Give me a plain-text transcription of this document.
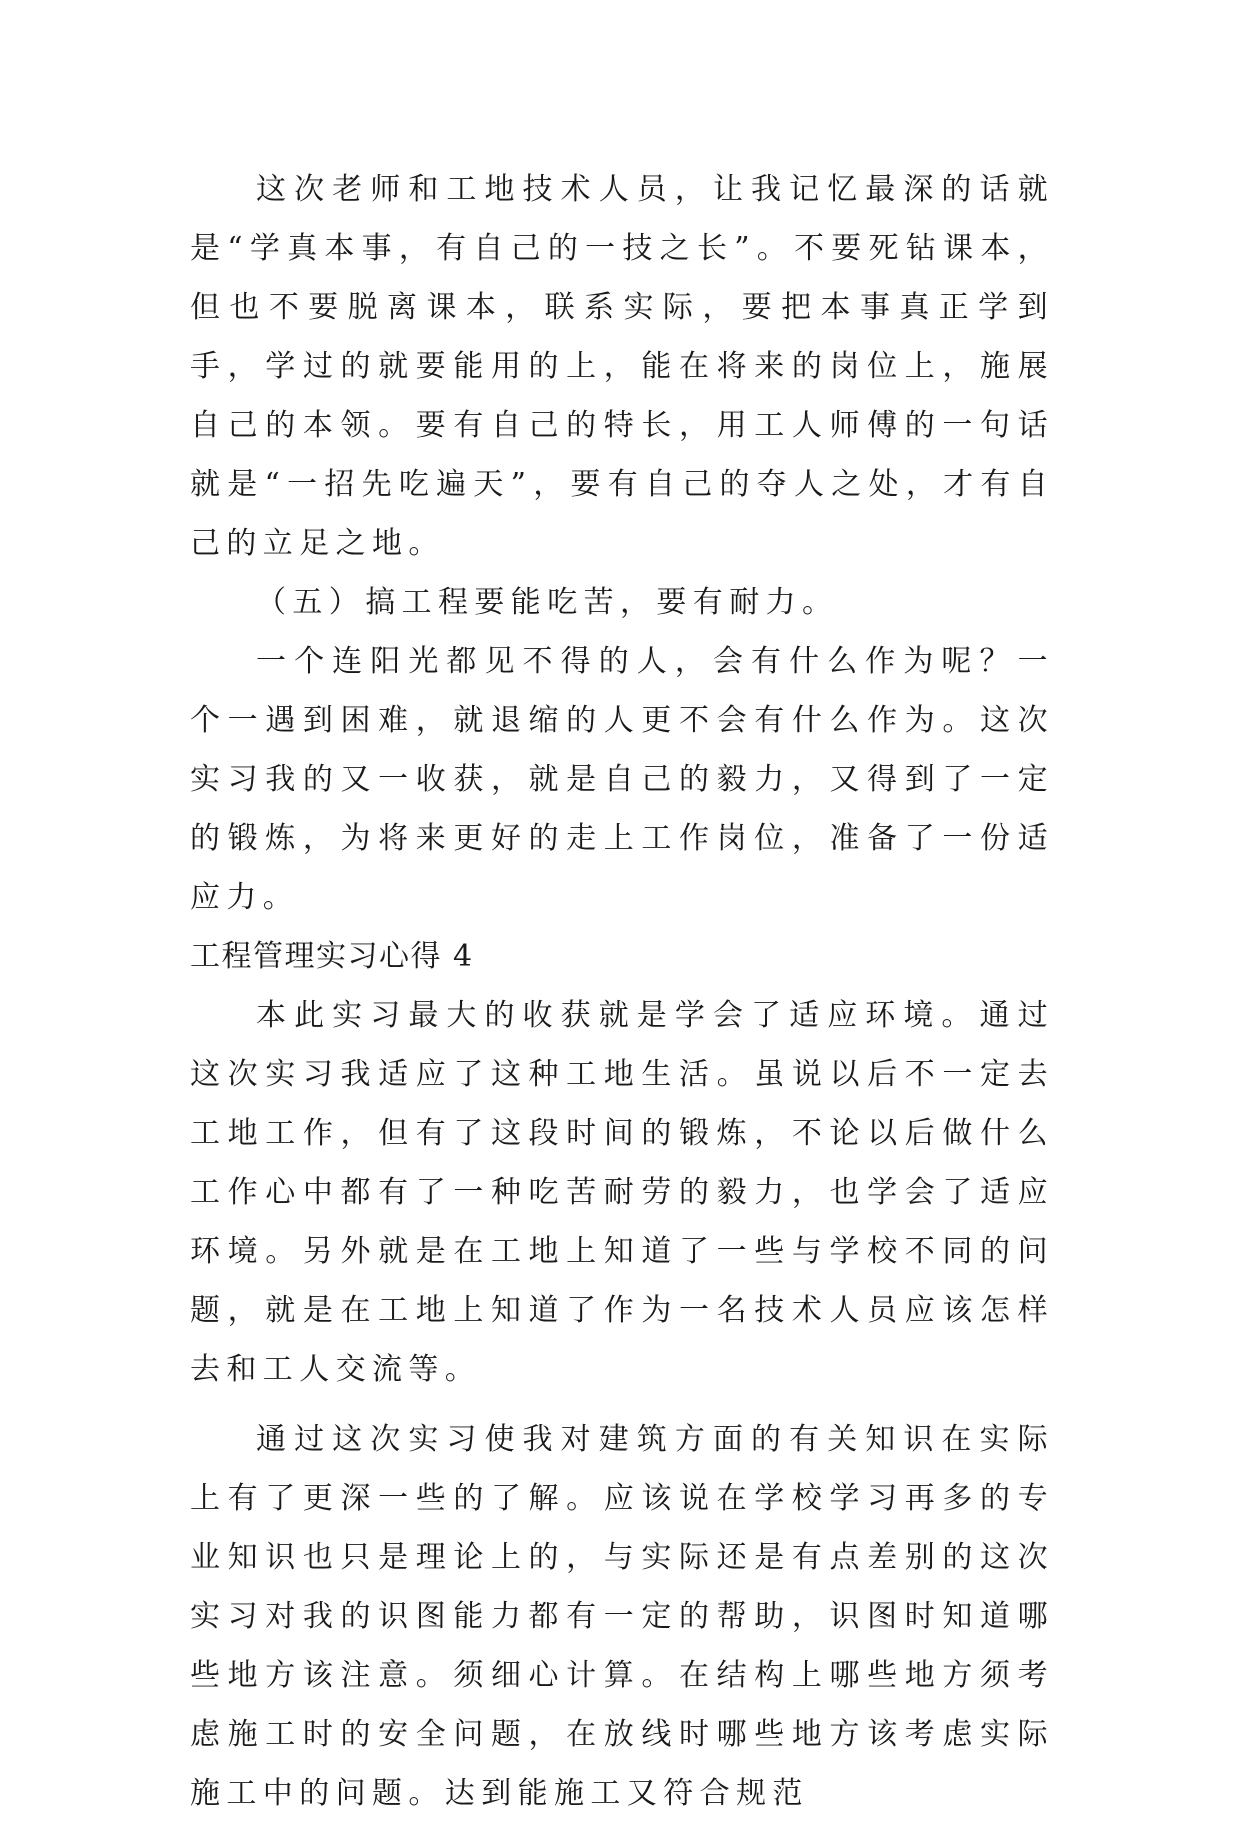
这次老师和工地技术人员，让我记忆最深的话就是“学真本事，有自己的一技之长”。不要死钻课本，但也不要脱离课本，联系实际，要把本事真正学到手，学过的就要能用的上，能在将来的岗位上，施展自己的本领。要有自己的特长，用工人师傅的一句话就是“一招先吃遍天”，要有自己的夺人之处，才有自己的立足之地。

（五）搞工程要能吃苦，要有耐力。

一个连阳光都见不得的人，会有什么作为呢？一个一遇到困难，就退缩的人更不会有什么作为。这次实习我的又一收获，就是自己的毅力，又得到了一定的锻炼，为将来更好的走上工作岗位，准备了一份适应力。

工程管理实习心得 4

本此实习最大的收获就是学会了适应环境。通过这次实习我适应了这种工地生活。虽说以后不一定去工地工作，但有了这段时间的锻炼，不论以后做什么工作心中都有了一种吃苦耐劳的毅力，也学会了适应环境。另外就是在工地上知道了一些与学校不同的问题，就是在工地上知道了作为一名技术人员应该怎样去和工人交流等。

通过这次实习使我对建筑方面的有关知识在实际上有了更深一些的了解。应该说在学校学习再多的专业知识也只是理论上的，与实际还是有点差别的这次实习对我的识图能力都有一定的帮助，识图时知道哪些地方该注意。须细心计算。在结构上哪些地方须考虑施工时的安全问题，在放线时哪些地方该考虑实际施工中的问题。达到能施工又符合规范
